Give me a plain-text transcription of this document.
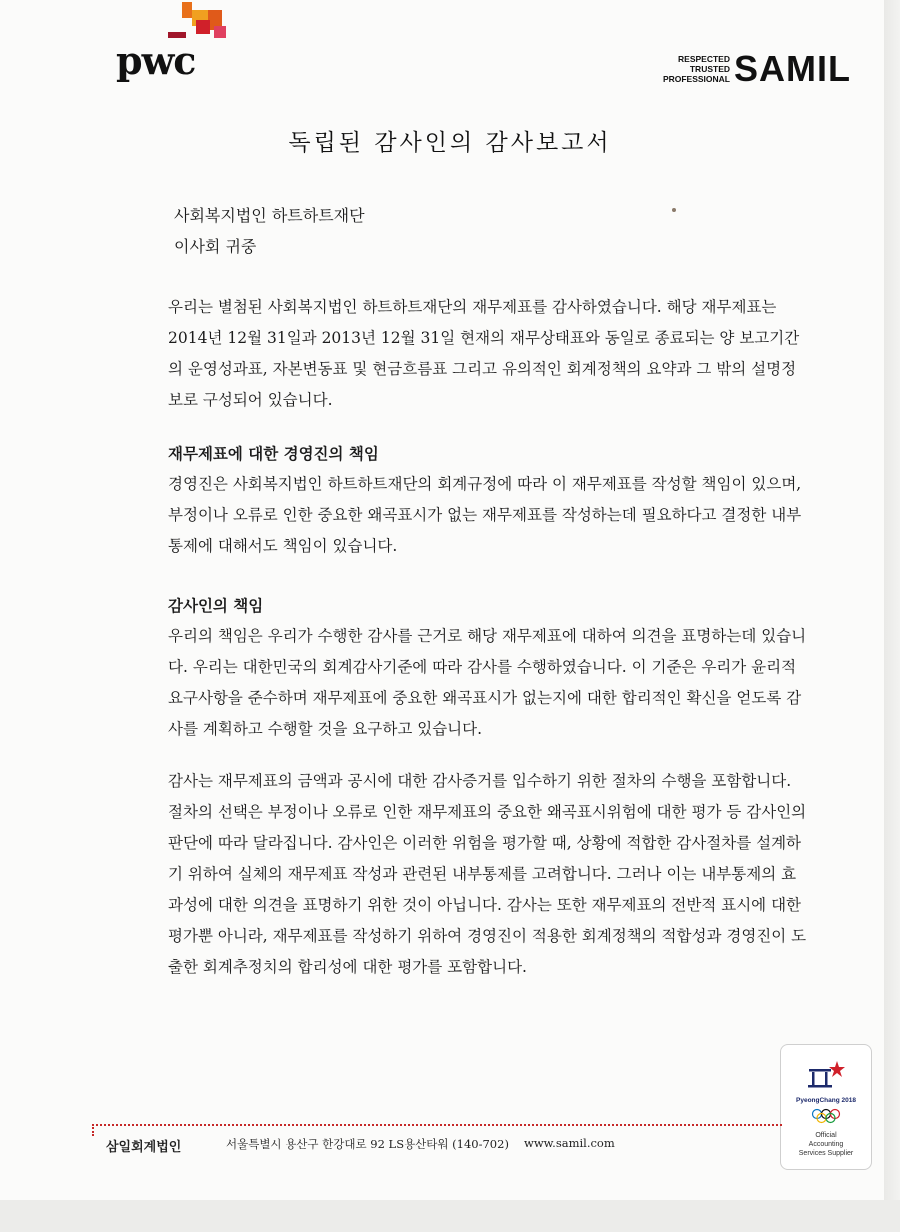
pwc	RESPECTED
TRUSTED
PROFESSIONAL SAMIL
독립된 감사인의 감사보고서
사회복지법인 하트하트재단
이사회 귀중

우리는 별첨된 사회복지법인 하트하트재단의 재무제표를 감사하였습니다. 해당 재무제표는 2014년 12월 31일과 2013년 12월 31일 현재의 재무상태표와 동일로 종료되는 양 보고기간의 운영성과표, 자본변동표 및 현금흐름표 그리고 유의적인 회계정책의 요약과 그 밖의 설명정보로 구성되어 있습니다.

재무제표에 대한 경영진의 책임

경영진은 사회복지법인 하트하트재단의 회계규정에 따라 이 재무제표를 작성할 책임이 있으며, 부정이나 오류로 인한 중요한 왜곡표시가 없는 재무제표를 작성하는데 필요하다고 결정한 내부통제에 대해서도 책임이 있습니다.

감사인의 책임

우리의 책임은 우리가 수행한 감사를 근거로 해당 재무제표에 대하여 의견을 표명하는데 있습니다. 우리는 대한민국의 회계감사기준에 따라 감사를 수행하였습니다. 이 기준은 우리가 윤리적 요구사항을 준수하며 재무제표에 중요한 왜곡표시가 없는지에 대한 합리적인 확신을 얻도록 감사를 계획하고 수행할 것을 요구하고 있습니다.

감사는 재무제표의 금액과 공시에 대한 감사증거를 입수하기 위한 절차의 수행을 포함합니다. 절차의 선택은 부정이나 오류로 인한 재무제표의 중요한 왜곡표시위험에 대한 평가 등 감사인의 판단에 따라 달라집니다. 감사인은 이러한 위험을 평가할 때, 상황에 적합한 감사절차를 설계하기 위하여 실체의 재무제표 작성과 관련된 내부통제를 고려합니다. 그러나 이는 내부통제의 효과성에 대한 의견을 표명하기 위한 것이 아닙니다. 감사는 또한 재무제표의 전반적 표시에 대한 평가뿐 아니라, 재무제표를 작성하기 위하여 경영진이 적용한 회계정책의 적합성과 경영진이 도출한 회계추정치의 합리성에 대한 평가를 포함합니다.

PyeongChang 2018
Official
Accounting
Services Supplier
삼일회계법인	서울특별시 용산구 한강대로 92 LS용산타워 (140-702) www.samil.com
